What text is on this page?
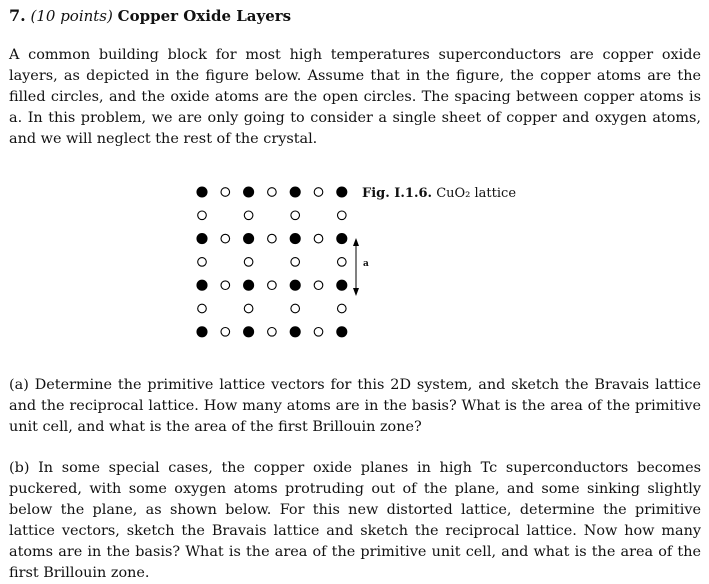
7. (10 points) Copper Oxide Layers

A common building block for most high temperatures superconductors are copper oxide layers, as depicted in the figure below. Assume that in the figure, the copper atoms are the filled circles, and the oxide atoms are the open circles. The spacing between copper atoms is a. In this problem, we are only going to consider a single sheet of copper and oxygen atoms, and we will neglect the rest of the crystal.

Fig. I.1.6. CuO₂ lattice
a

(a) Determine the primitive lattice vectors for this 2D system, and sketch the Bravais lattice and the reciprocal lattice. How many atoms are in the basis? What is the area of the primitive unit cell, and what is the area of the first Brillouin zone?

(b) In some special cases, the copper oxide planes in high Tc superconductors becomes puckered, with some oxygen atoms protruding out of the plane, and some sinking slightly below the plane, as shown below. For this new distorted lattice, determine the primitive lattice vectors, sketch the Bravais lattice and sketch the reciprocal lattice. Now how many atoms are in the basis? What is the area of the primitive unit cell, and what is the area of the first Brillouin zone.
